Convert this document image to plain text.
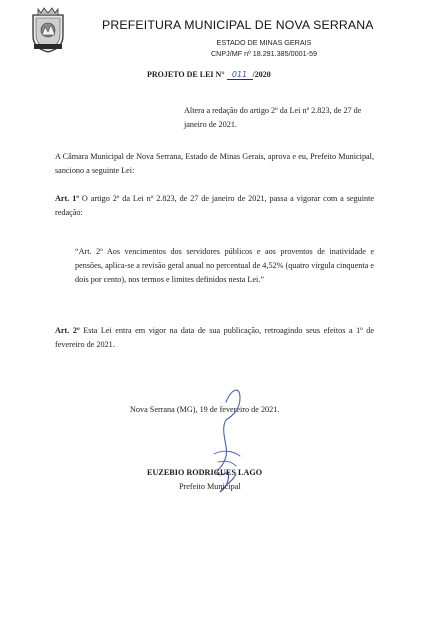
PREFEITURA MUNICIPAL DE NOVA SERRANA
ESTADO DE MINAS GERAIS
CNPJ/MF nº 18.291.385/0001-59
PROJETO DE LEI N° 011 /2020
Altera a redação do artigo 2º da Lei nº 2.823, de 27 de janeiro de 2021.
A Câmara Municipal de Nova Serrana, Estado de Minas Gerais, aprova e eu, Prefeito Municipal, sanciono a seguinte Lei:
Art. 1º O artigo 2º da Lei nº 2.823, de 27 de janeiro de 2021, passa a vigorar com a seguinte redação:
“Art. 2º Aos vencimentos dos servidores públicos e aos proventos de inatividade e pensões, aplica-se a revisão geral anual no percentual de 4,52% (quatro vírgula cinquenta e dois por cento), nos termos e limites definidos nesta Lei.”
Art. 2º Esta Lei entra em vigor na data de sua publicação, retroagindo seus efeitos a 1º de fevereiro de 2021.
Nova Serrana (MG), 19 de fevereiro de 2021.
EUZEBIO RODRIGUES LAGO
Prefeito Municipal
